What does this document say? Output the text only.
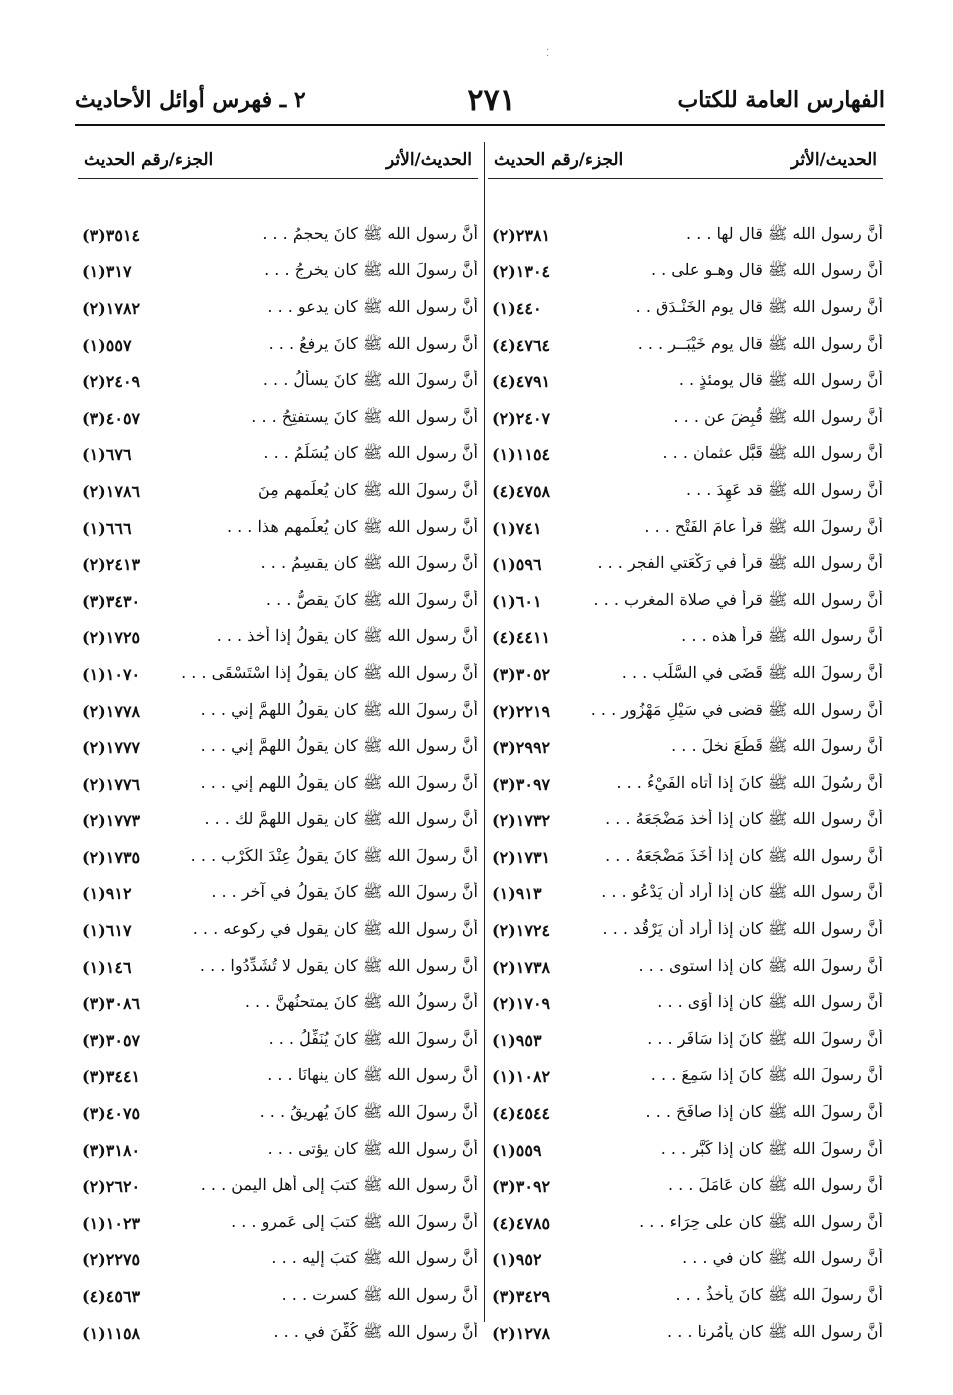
⁚
الفهارس العامة للكتاب
٢٧١
٢ ـ فهرس أوائل الأحاديث
الحديث/الأثر
الجزء/رقم الحديث
أنَّ رسول الله ﷺ قال لها . . .
٢٣٨١(٢)
أنَّ رسول الله ﷺ قال وهـو على . .
١٣٠٤(٢)
أنَّ رسول الله ﷺ قال يوم الخَنْـدَق . .
٤٤٠(١)
أنَّ رسول الله ﷺ قال يوم خَيْبَــر . . .
٤٧٦٤(٤)
أنَّ رسول الله ﷺ قال يومئذٍ . .
٤٧٩١(٤)
أنَّ رسول الله ﷺ قُبِضَ عن . . .
٢٤٠٧(٢)
أنَّ رسول الله ﷺ قَبَّل عثمان . . .
١١٥٤(١)
أنَّ رسول الله ﷺ قد عَهِدَ . . .
٤٧٥٨(٤)
أنَّ رسولَ الله ﷺ قرأ عامَ الفَتْح . . .
٧٤١(١)
أنَّ رسول الله ﷺ قرأ في رَكْعَتي الفجر . . .
٥٩٦(١)
أنَّ رسول الله ﷺ قرأ في صلاة المغرب . . .
٦٠١(١)
أنَّ رسول الله ﷺ قرأ هذه . . .
٤٤١١(٤)
أنَّ رسولَ الله ﷺ قَضَى في السَّلَب . . .
٣٠٥٢(٣)
أنَّ رسول الله ﷺ قضى في سَيْلِ مَهْزُور . . .
٢٢١٩(٢)
أنَّ رسولَ الله ﷺ قَطَعَ نخلَ . . .
٢٩٩٢(٣)
أنَّ رسُولَ الله ﷺ كانَ إذا أتاه الفَيْءُ . . .
٣٠٩٧(٣)
أنَّ رسول الله ﷺ كان إذا أخذ مَضْجَعَهُ . . .
١٧٣٢(٢)
أنَّ رسول الله ﷺ كان إذا أَخَذَ مَضْجَعَهُ . . .
١٧٣١(٢)
أنَّ رسول الله ﷺ كان إذا أراد أن يَدْعُو . . .
٩١٣(١)
أنَّ رسول الله ﷺ كان إذا أراد أن يَرْقُد . . .
١٧٢٤(٢)
أنَّ رسولَ الله ﷺ كان إذا استوى . . .
١٧٣٨(٢)
أنَّ رسول الله ﷺ كان إذا أَوَى . . .
١٧٠٩(٢)
أنَّ رسولَ الله ﷺ كانَ إذا سَافَر . . .
٩٥٣(١)
أنَّ رسولَ الله ﷺ كانَ إذا سَمِعَ . . .
١٠٨٢(١)
أنَّ رسولَ الله ﷺ كان إذا صافَحَ . . .
٤٥٤٤(٤)
أنَّ رسولَ الله ﷺ كان إذا كَبَّر . . .
٥٥٩(١)
أنَّ رسول الله ﷺ كان عَامَلَ . . .
٣٠٩٢(٣)
أنَّ رسول الله ﷺ كان على حِرَاء . . .
٤٧٨٥(٤)
أنَّ رسول الله ﷺ كان في . . .
٩٥٢(١)
أنَّ رسولَ الله ﷺ كانَ يأخذُ . . .
٣٤٢٩(٣)
أنَّ رسول الله ﷺ كان يأمُرنا . . .
١٢٧٨(٢)
الحديث/الأثر
الجزء/رقم الحديث
أنَّ رسول الله ﷺ كانَ يحجمُ . . .
٣٥١٤(٣)
أنَّ رسولَ الله ﷺ كان يخرجُ . . .
٣١٧(١)
أنَّ رسول الله ﷺ كان يدعو . . .
١٧٨٢(٢)
أنَّ رسول الله ﷺ كانَ يرفعُ . . .
٥٥٧(١)
أنَّ رسولَ الله ﷺ كانَ يسألُ . . .
٢٤٠٩(٢)
أنَّ رسول الله ﷺ كانَ يستفتِحُ . . .
٤٠٥٧(٣)
أنَّ رسول الله ﷺ كان يُسَلِّمُ . . .
٦٧٦(١)
أنَّ رسولَ الله ﷺ كان يُعلِّمهم مِنَ
١٧٨٦(٢)
أنَّ رسول الله ﷺ كان يُعلِّمهم هذا . . .
٦٦٦(١)
أنَّ رسولَ الله ﷺ كان يقسِمُ . . .
٢٤١٣(٢)
أنَّ رسولَ الله ﷺ كانَ يقصُّ . . .
٣٤٣٠(٣)
أنَّ رسول الله ﷺ كان يقولُ إذا أخذ . . .
١٧٢٥(٢)
أنَّ رسول الله ﷺ كان يقولُ إذا اسْتَسْقَى . . .
١٠٧٠(١)
أنَّ رسولَ الله ﷺ كان يقولُ اللهمَّ إني . . .
١٧٧٨(٢)
أنَّ رسول الله ﷺ كان يقولُ اللهمَّ إني . . .
١٧٧٧(٢)
أنَّ رسولَ الله ﷺ كان يقولُ اللهم إني . . .
١٧٧٦(٢)
أنَّ رسول الله ﷺ كان يقول اللهمَّ لك . . .
١٧٧٣(٢)
أنَّ رسولَ الله ﷺ كانَ يقولُ عِنْدَ الكَرْب . . .
١٧٣٥(٢)
أنَّ رسولَ الله ﷺ كانَ يقولُ في آخر . . .
٩١٢(١)
أنَّ رسول الله ﷺ كان يقول في ركوعه . . .
٦١٧(١)
أنَّ رسول الله ﷺ كان يقول لا تُشَدِّدُوا . . .
١٤٦(١)
أنَّ رسولُ الله ﷺ كانَ يمتحنُهنَّ . . .
٣٠٨٦(٣)
أنَّ رسولَ الله ﷺ كانَ يُنَفِّلُ . . .
٣٠٥٧(٣)
أنَّ رسول الله ﷺ كان ينهانَا . . .
٣٤٤١(٣)
أنَّ رسولَ الله ﷺ كانَ يُهريقُ . . .
٤٠٧٥(٣)
أنَّ رسول الله ﷺ كان يؤتى . . .
٣١٨٠(٣)
أنَّ رسول الله ﷺ كتبَ إلى أهل اليمن . . .
٢٦٢٠(٢)
أنَّ رسولَ الله ﷺ كتبَ إلى عَمرو . . .
١٠٢٣(١)
أنَّ رسول الله ﷺ كتبَ إليه . . .
٢٢٧٥(٢)
أنَّ رسول الله ﷺ كسرت . . .
٤٥٦٣(٤)
أنَّ رسول الله ﷺ كُفِّنَ في . . .
١١٥٨(١)
